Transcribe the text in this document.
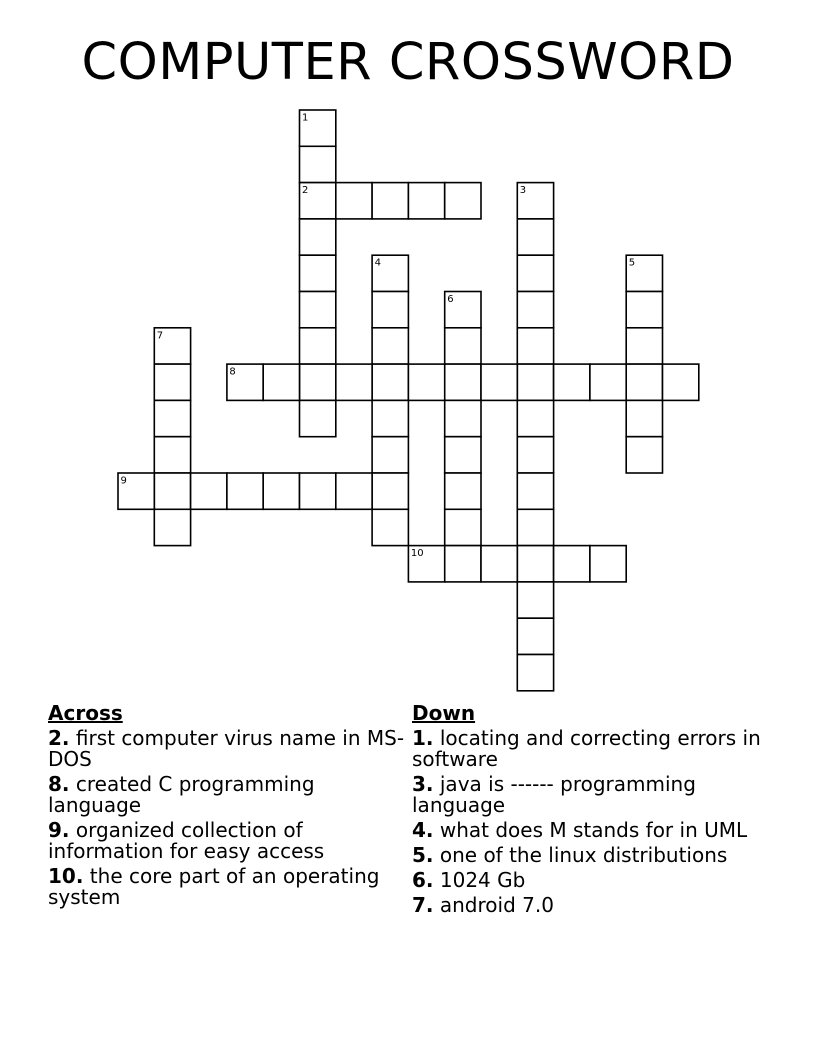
COMPUTER CROSSWORD
1
2	3
4	5
6
7
8
9
10
Across
2. first computer virus name in MS-DOS
8. created C programming language
9. organized collection of information for easy access
10. the core part of an operating system
Down
1. locating and correcting errors in software
3. java is ------ programming language
4. what does M stands for in UML
5. one of the linux distributions
6. 1024 Gb
7. android 7.0
